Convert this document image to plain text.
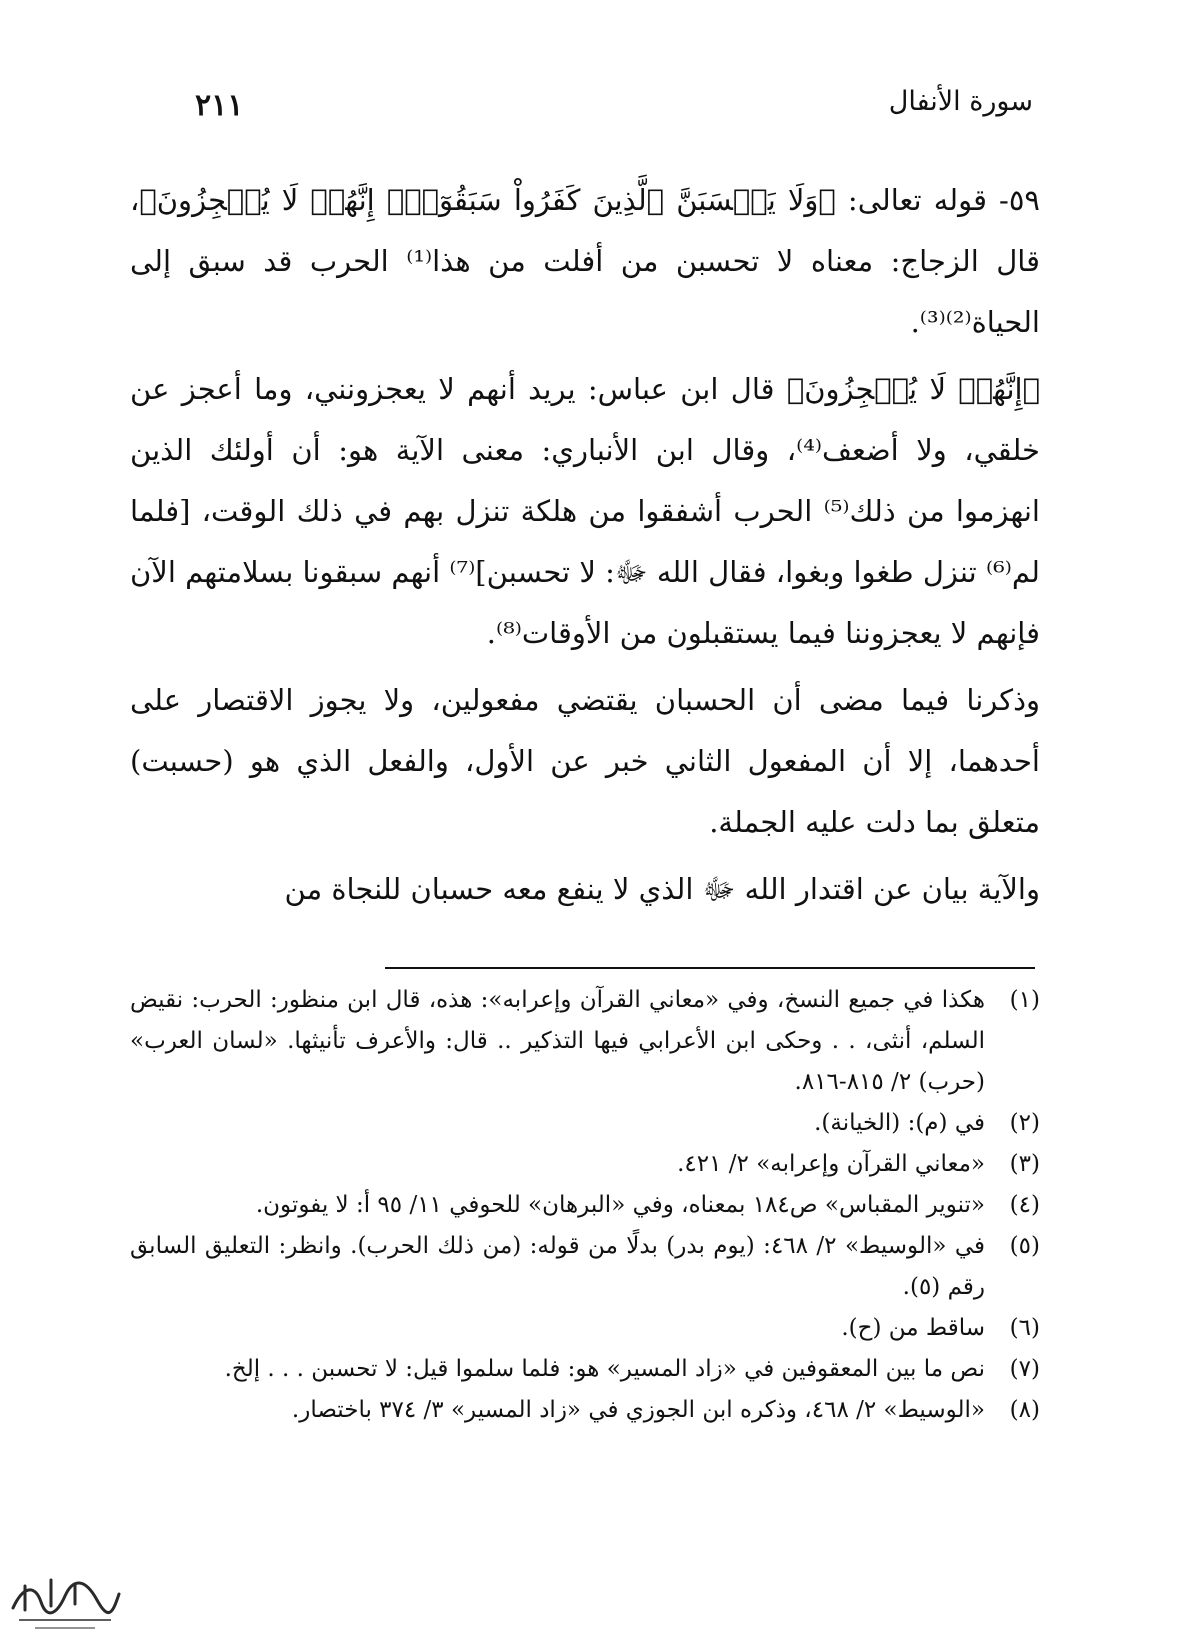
سورة الأنفال
٢١١

٥٩- قوله تعالى: ﴿وَلَا يَحۡسَبَنَّ ٱلَّذِينَ كَفَرُواْ سَبَقُوٓاْۚ إِنَّهُمۡ لَا يُعۡجِزُونَ﴾، قال الزجاج: معناه لا تحسبن من أفلت من هذا⁽¹⁾ الحرب قد سبق إلى الحياة⁽²⁾⁽³⁾.

﴿إِنَّهُمۡ لَا يُعۡجِزُونَ﴾ قال ابن عباس: يريد أنهم لا يعجزونني، وما أعجز عن خلقي، ولا أضعف⁽⁴⁾، وقال ابن الأنباري: معنى الآية هو: أن أولئك الذين انهزموا من ذلك⁽⁵⁾ الحرب أشفقوا من هلكة تنزل بهم في ذلك الوقت، [فلما لم⁽⁶⁾ تنزل طغوا وبغوا، فقال الله ﷻ: لا تحسبن]⁽⁷⁾ أنهم سبقونا بسلامتهم الآن فإنهم لا يعجزوننا فيما يستقبلون من الأوقات⁽⁸⁾.

وذكرنا فيما مضى أن الحسبان يقتضي مفعولين، ولا يجوز الاقتصار على أحدهما، إلا أن المفعول الثاني خبر عن الأول، والفعل الذي هو (حسبت) متعلق بما دلت عليه الجملة.

والآية بيان عن اقتدار الله ﷻ الذي لا ينفع معه حسبان للنجاة من

(١)
هكذا في جميع النسخ، وفي «معاني القرآن وإعرابه»: هذه، قال ابن منظور: الحرب: نقيض السلم، أنثى، . . وحكى ابن الأعرابي فيها التذكير .. قال: والأعرف تأنيثها. «لسان العرب» (حرب) ٢/ ٨١٥-٨١٦.
(٢)
في (م): (الخيانة).
(٣)
«معاني القرآن وإعرابه» ٢/ ٤٢١.
(٤)
«تنوير المقباس» ص١٨٤ بمعناه، وفي «البرهان» للحوفي ١١/ ٩٥ أ: لا يفوتون.
(٥)
في «الوسيط» ٢/ ٤٦٨: (يوم بدر) بدلًا من قوله: (من ذلك الحرب). وانظر: التعليق السابق رقم (٥).
(٦)
ساقط من (ح).
(٧)
نص ما بين المعقوفين في «زاد المسير» هو: فلما سلموا قيل: لا تحسبن . . . إلخ.
(٨)
«الوسيط» ٢/ ٤٦٨، وذكره ابن الجوزي في «زاد المسير» ٣/ ٣٧٤ باختصار.
